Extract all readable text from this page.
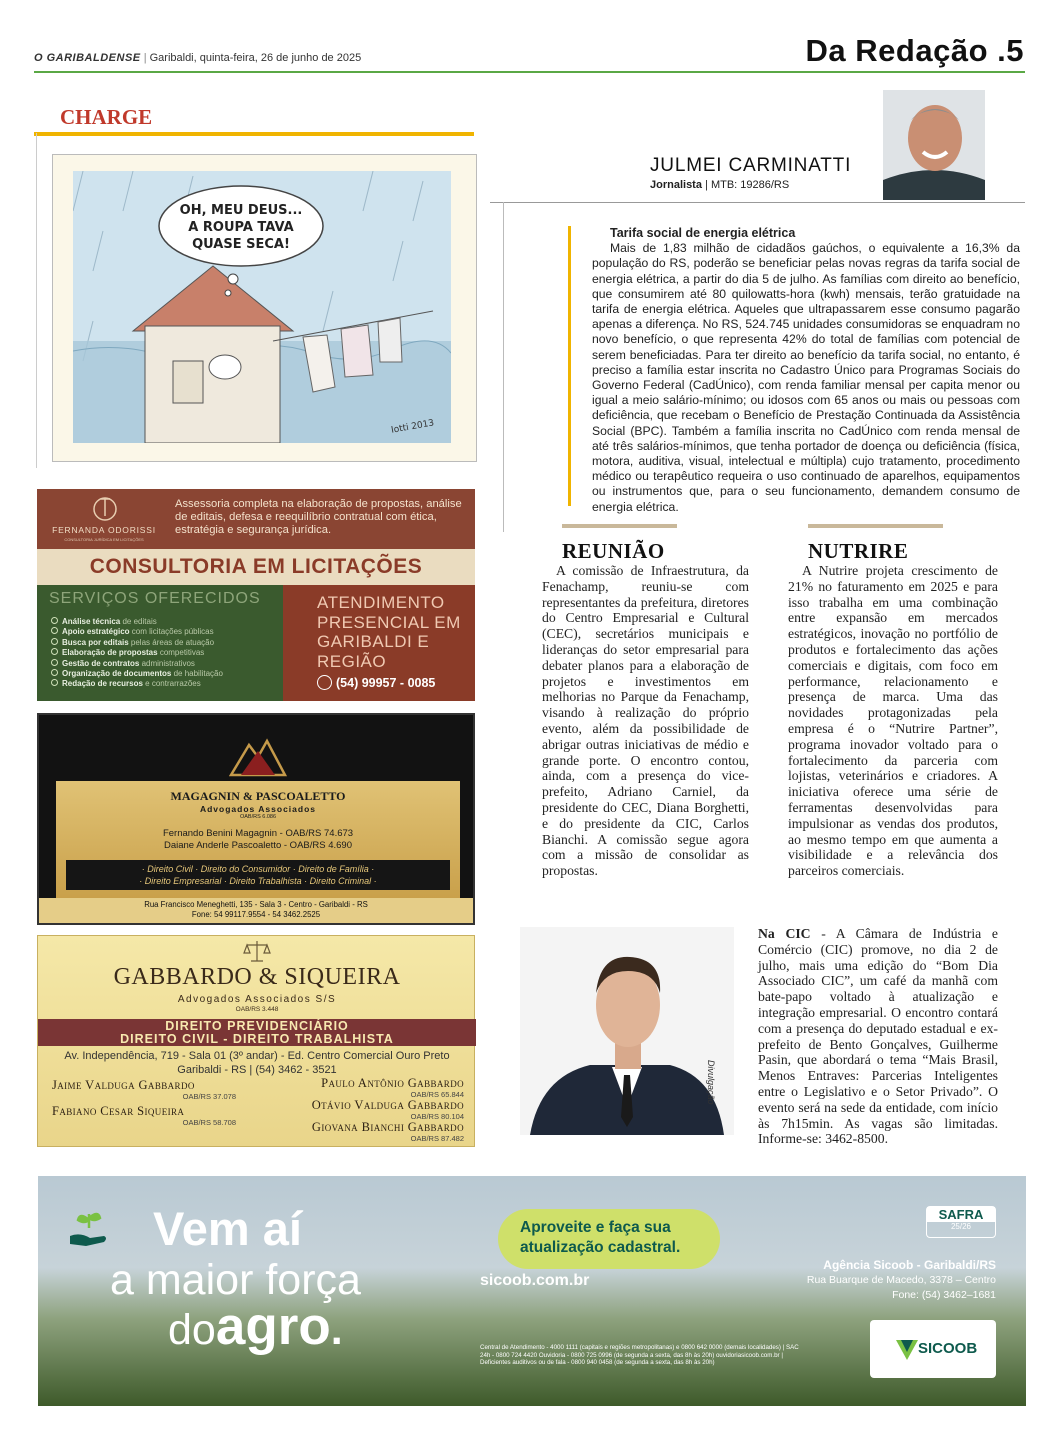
O GARIBALDENSE | Garibaldi, quinta-feira, 26 de junho de 2025	Da Redação .5
CHARGE
OH, MEU DEUS...
A ROUPA TAVA
QUASE SECA!
Iotti 2013
JULMEI CARMINATTI
Jornalista | MTB: 19286/RS
Tarifa social de energia elétrica

Mais de 1,83 milhão de cidadãos gaúchos, o equivalente a 16,3% da população do RS, poderão se beneficiar pelas novas regras da tarifa social de energia elétrica, a partir do dia 5 de julho. As famílias com direito ao benefício, que consumirem até 80 quilowatts-hora (kwh) mensais, terão gratuidade na tarifa de energia elétrica. Aqueles que ultrapassarem esse consumo pagarão apenas a diferença. No RS, 524.745 unidades consumidoras se enquadram no novo benefício, o que representa 42% do total de famílias com potencial de serem beneficiadas. Para ter direito ao benefício da tarifa social, no entanto, é preciso a família estar inscrita no Cadastro Único para Programas Sociais do Governo Federal (CadÚnico), com renda familiar mensal per capita menor ou igual a meio salário-mínimo; ou idosos com 65 anos ou mais ou pessoas com deficiência, que recebam o Benefício de Prestação Continuada da Assistência Social (BPC). Também a família inscrita no CadÚnico com renda mensal de até três salários-mínimos, que tenha portador de doença ou deficiência (física, motora, auditiva, visual, intelectual e múltipla) cujo tratamento, procedimento médico ou terapêutico requeira o uso continuado de aparelhos, equipamentos ou instrumentos que, para o seu funcionamento, demandem consumo de energia elétrica.

REUNIÃO

A comissão de Infraestrutura, da Fenachamp, reuniu-se com representantes da prefeitura, diretores do Centro Empresarial e Cultural (CEC), secretários municipais e lideranças do setor empresarial para debater planos para a elaboração de projetos e investimentos em melhorias no Parque da Fenachamp, visando à realização do próprio evento, além da possibilidade de abrigar outras iniciativas de médio e grande porte. O encontro contou, ainda, com a presença do vice-prefeito, Adriano Carniel, da presidente do CEC, Diana Borghetti, e do presidente da CIC, Carlos Bianchi. A comissão segue agora com a missão de consolidar as propostas.

NUTRIRE

A Nutrire projeta crescimento de 21% no faturamento em 2025 e para isso trabalha em uma combinação entre expansão em mercados estratégicos, inovação no portfólio de produtos e fortalecimento das ações comerciais e digitais, com foco em performance, relacionamento e presença de marca. Uma das novidades protagonizadas pela empresa é o “Nutrire Partner”, programa inovador voltado para o fortalecimento da parceria com lojistas, veterinários e criadores. A iniciativa oferece uma série de ferramentas desenvolvidas para impulsionar as vendas dos produtos, ao mesmo tempo em que aumenta a visibilidade e a relevância dos parceiros comerciais.

Divulgação

Na CIC - A Câmara de Indústria e Comércio (CIC) promove, no dia 2 de julho, mais uma edição do “Bom Dia Associado CIC”, um café da manhã com bate-papo voltado à atualização e integração empresarial. O encontro contará com a presença do deputado estadual e ex-prefeito de Bento Gonçalves, Guilherme Pasin, que abordará o tema “Mais Brasil, Menos Entraves: Parcerias Inteligentes entre o Legislativo e o Setor Privado”. O evento será na sede da entidade, com início às 7h15min. As vagas são limitadas. Informe-se: 3462-8500.

FERNANDA ODORISSI
CONSULTORIA JURÍDICA EM LICITAÇÕES
Assessoria completa na elaboração de propostas, análise de editais, defesa e reequilíbrio contratual com ética, estratégia e segurança jurídica.
CONSULTORIA EM LICITAÇÕES
SERVIÇOS OFERECIDOS
Análise técnica de editais
Apoio estratégico com licitações públicas
Busca por editais pelas áreas de atuação
Elaboração de propostas competitivas
Gestão de contratos administrativos
Organização de documentos de habilitação
Redação de recursos e contrarrazões
ATENDIMENTO PRESENCIAL EM GARIBALDI E REGIÃO
(54) 99957 - 0085
MAGAGNIN & PASCOALETTO
Advogados Associados
OAB/RS 6.086
Fernando Benini Magagnin - OAB/RS 74.673
Daiane Anderle Pascoaletto - OAB/RS 4.690
· Direito Civil · Direito do Consumidor · Direito de Família ·
· Direito Empresarial · Direito Trabalhista · Direito Criminal ·
Rua Francisco Meneghetti, 135 - Sala 3 - Centro - Garibaldi - RS
Fone: 54 99117.9554 - 54 3462.2525
GABBARDO & SIQUEIRA
Advogados Associados S/S
OAB/RS 3.448
DIREITO PREVIDENCIÁRIO
DIREITO CIVIL - DIREITO TRABALHISTA
Av. Independência, 719 - Sala 01 (3º andar) - Ed. Centro Comercial Ouro Preto
Garibaldi - RS | (54) 3462 - 3521
Jaime Valduga Gabbardo
OAB/RS 37.078
Fabiano Cesar Siqueira
OAB/RS 58.708
Paulo Antônio Gabbardo
OAB/RS 65.844
Otávio Valduga Gabbardo
OAB/RS 80.104
Giovana Bianchi Gabbardo
OAB/RS 87.482
Vem aí
a maior força
doagro.
Aproveite e faça sua
atualização cadastral.
sicoob.com.br
SAFRA
25/26
Agência Sicoob - Garibaldi/RS
Rua Buarque de Macedo, 3378 – Centro
Fone: (54) 3462–1681
Central de Atendimento - 4000 1111 (capitais e regiões metropolitanas) e 0800 642 0000 (demais localidades) | SAC 24h - 0800 724 4420 Ouvidoria - 0800 725 0996 (de segunda a sexta, das 8h às 20h) ouvidoriasicoob.com.br | Deficientes auditivos ou de fala - 0800 940 0458 (de segunda a sexta, das 8h às 20h)
SICOOB
